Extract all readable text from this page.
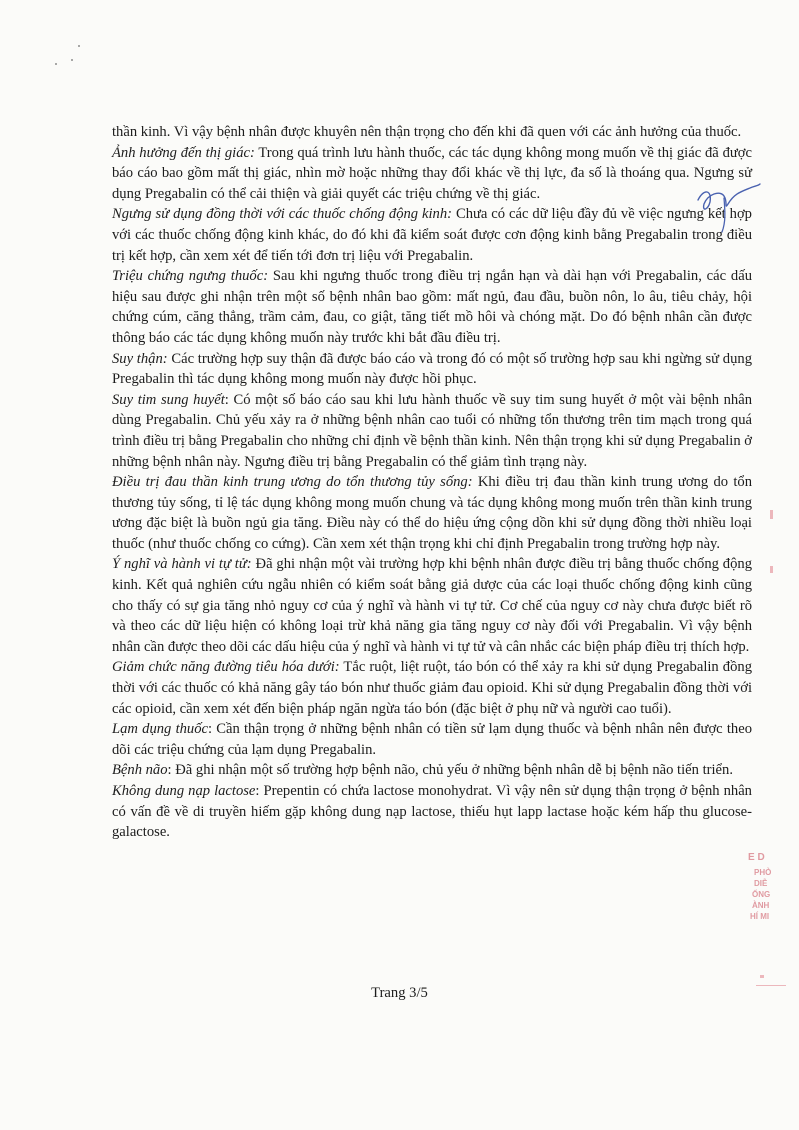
thần kinh. Vì vậy bệnh nhân được khuyên nên thận trọng cho đến khi đã quen với các ảnh hưởng của thuốc.

Ảnh hưởng đến thị giác: Trong quá trình lưu hành thuốc, các tác dụng không mong muốn về thị giác đã được báo cáo bao gồm mất thị giác, nhìn mờ hoặc những thay đổi khác về thị lực, đa số là thoáng qua. Ngưng sử dụng Pregabalin có thể cải thiện và giải quyết các triệu chứng về thị giác.

Ngưng sử dụng đồng thời với các thuốc chống động kinh: Chưa có các dữ liệu đầy đủ về việc ngưng kết hợp với các thuốc chống động kinh khác, do đó khi đã kiểm soát được cơn động kinh bằng Pregabalin trong điều trị kết hợp, cần xem xét để tiến tới đơn trị liệu với Pregabalin.

Triệu chứng ngưng thuốc: Sau khi ngưng thuốc trong điều trị ngắn hạn và dài hạn với Pregabalin, các dấu hiệu sau được ghi nhận trên một số bệnh nhân bao gồm: mất ngủ, đau đầu, buồn nôn, lo âu, tiêu chảy, hội chứng cúm, căng thẳng, trầm cảm, đau, co giật, tăng tiết mồ hôi và chóng mặt. Do đó bệnh nhân cần được thông báo các tác dụng không muốn này trước khi bắt đầu điều trị.

Suy thận: Các trường hợp suy thận đã được báo cáo và trong đó có một số trường hợp sau khi ngừng sử dụng Pregabalin thì tác dụng không mong muốn này được hồi phục.

Suy tim sung huyết: Có một số báo cáo sau khi lưu hành thuốc về suy tim sung huyết ở một vài bệnh nhân dùng Pregabalin. Chủ yếu xảy ra ở những bệnh nhân cao tuổi có những tổn thương trên tim mạch trong quá trình điều trị bằng Pregabalin cho những chỉ định về bệnh thần kinh. Nên thận trọng khi sử dụng Pregabalin ở những bệnh nhân này. Ngưng điều trị bằng Pregabalin có thể giảm tình trạng này.

Điều trị đau thần kinh trung ương do tổn thương tủy sống: Khi điều trị đau thần kinh trung ương do tổn thương tủy sống, tỉ lệ tác dụng không mong muốn chung và tác dụng không mong muốn trên thần kinh trung ương đặc biệt là buồn ngủ gia tăng. Điều này có thể do hiệu ứng cộng dồn khi sử dụng đồng thời nhiều loại thuốc (như thuốc chống co cứng). Cần xem xét thận trọng khi chỉ định Pregabalin trong trường hợp này.

Ý nghĩ và hành vi tự tử: Đã ghi nhận một vài trường hợp khi bệnh nhân được điều trị bằng thuốc chống động kinh. Kết quả nghiên cứu ngẫu nhiên có kiểm soát bằng giả dược của các loại thuốc chống động kinh cũng cho thấy có sự gia tăng nhỏ nguy cơ của ý nghĩ và hành vi tự tử. Cơ chế của nguy cơ này chưa được biết rõ và theo các dữ liệu hiện có không loại trừ khả năng gia tăng nguy cơ này đối với Pregabalin. Vì vậy bệnh nhân cần được theo dõi các dấu hiệu của ý nghĩ và hành vi tự tử và cân nhắc các biện pháp điều trị thích hợp.

Giảm chức năng đường tiêu hóa dưới: Tắc ruột, liệt ruột, táo bón có thể xảy ra khi sử dụng Pregabalin đồng thời với các thuốc có khả năng gây táo bón như thuốc giảm đau opioid. Khi sử dụng Pregabalin đồng thời với các opioid, cần xem xét đến biện pháp ngăn ngừa táo bón (đặc biệt ở phụ nữ và người cao tuổi).

Lạm dụng thuốc: Cần thận trọng ở những bệnh nhân có tiền sử lạm dụng thuốc và bệnh nhân nên được theo dõi các triệu chứng của lạm dụng Pregabalin.

Bệnh não: Đã ghi nhận một số trường hợp bệnh não, chủ yếu ở những bệnh nhân dễ bị bệnh não tiến triển.

Không dung nạp lactose: Prepentin có chứa lactose monohydrat. Vì vậy nên sử dụng thận trọng ở bệnh nhân có vấn đề về di truyền hiếm gặp không dung nạp lactose, thiếu hụt lapp lactase hoặc kém hấp thu glucose-galactose.

E D
PHÒ
DIỄ
ỐNG
ÀNH
HÍ MI
Trang 3/5
